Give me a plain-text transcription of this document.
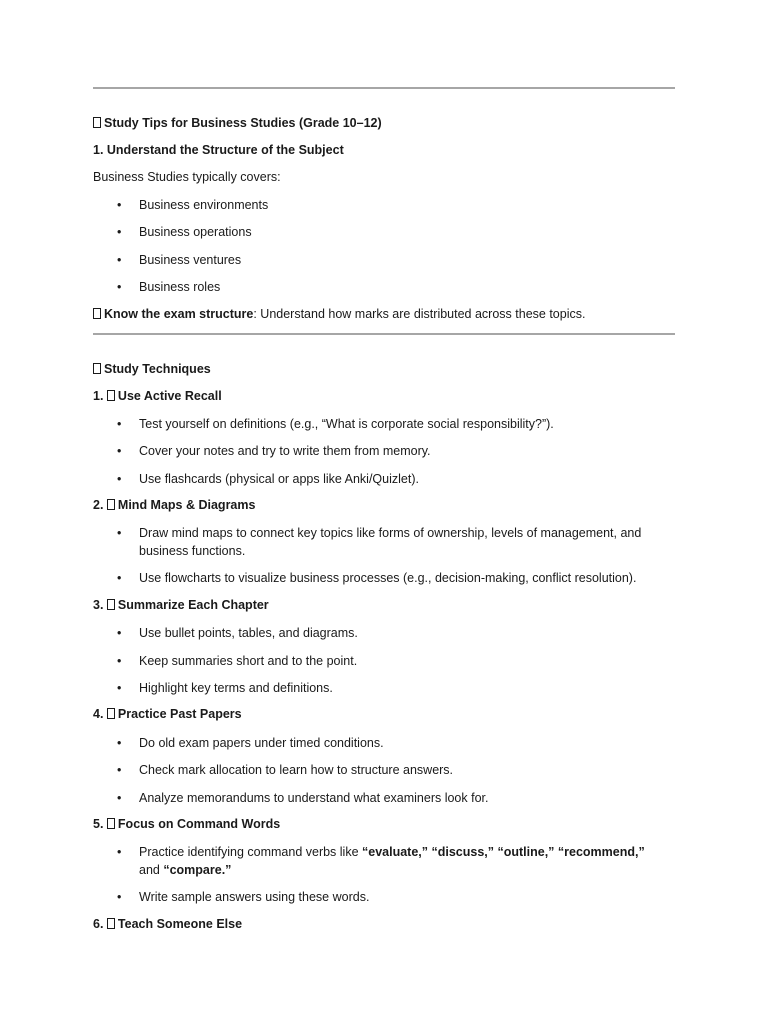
Study Tips for Business Studies (Grade 10–12)
1. Understand the Structure of the Subject
Business Studies typically covers:
• Business environments
• Business operations
• Business ventures
• Business roles
Know the exam structure: Understand how marks are distributed across these topics.
Study Techniques
1. Use Active Recall
• Test yourself on definitions (e.g., “What is corporate social responsibility?”).
• Cover your notes and try to write them from memory.
• Use flashcards (physical or apps like Anki/Quizlet).
2. Mind Maps & Diagrams
• Draw mind maps to connect key topics like forms of ownership, levels of management, and business functions.
• Use flowcharts to visualize business processes (e.g., decision-making, conflict resolution).
3. Summarize Each Chapter
• Use bullet points, tables, and diagrams.
• Keep summaries short and to the point.
• Highlight key terms and definitions.
4. Practice Past Papers
• Do old exam papers under timed conditions.
• Check mark allocation to learn how to structure answers.
• Analyze memorandums to understand what examiners look for.
5. Focus on Command Words
• Practice identifying command verbs like “evaluate,” “discuss,” “outline,” “recommend,”
and “compare.”
• Write sample answers using these words.
6. Teach Someone Else
